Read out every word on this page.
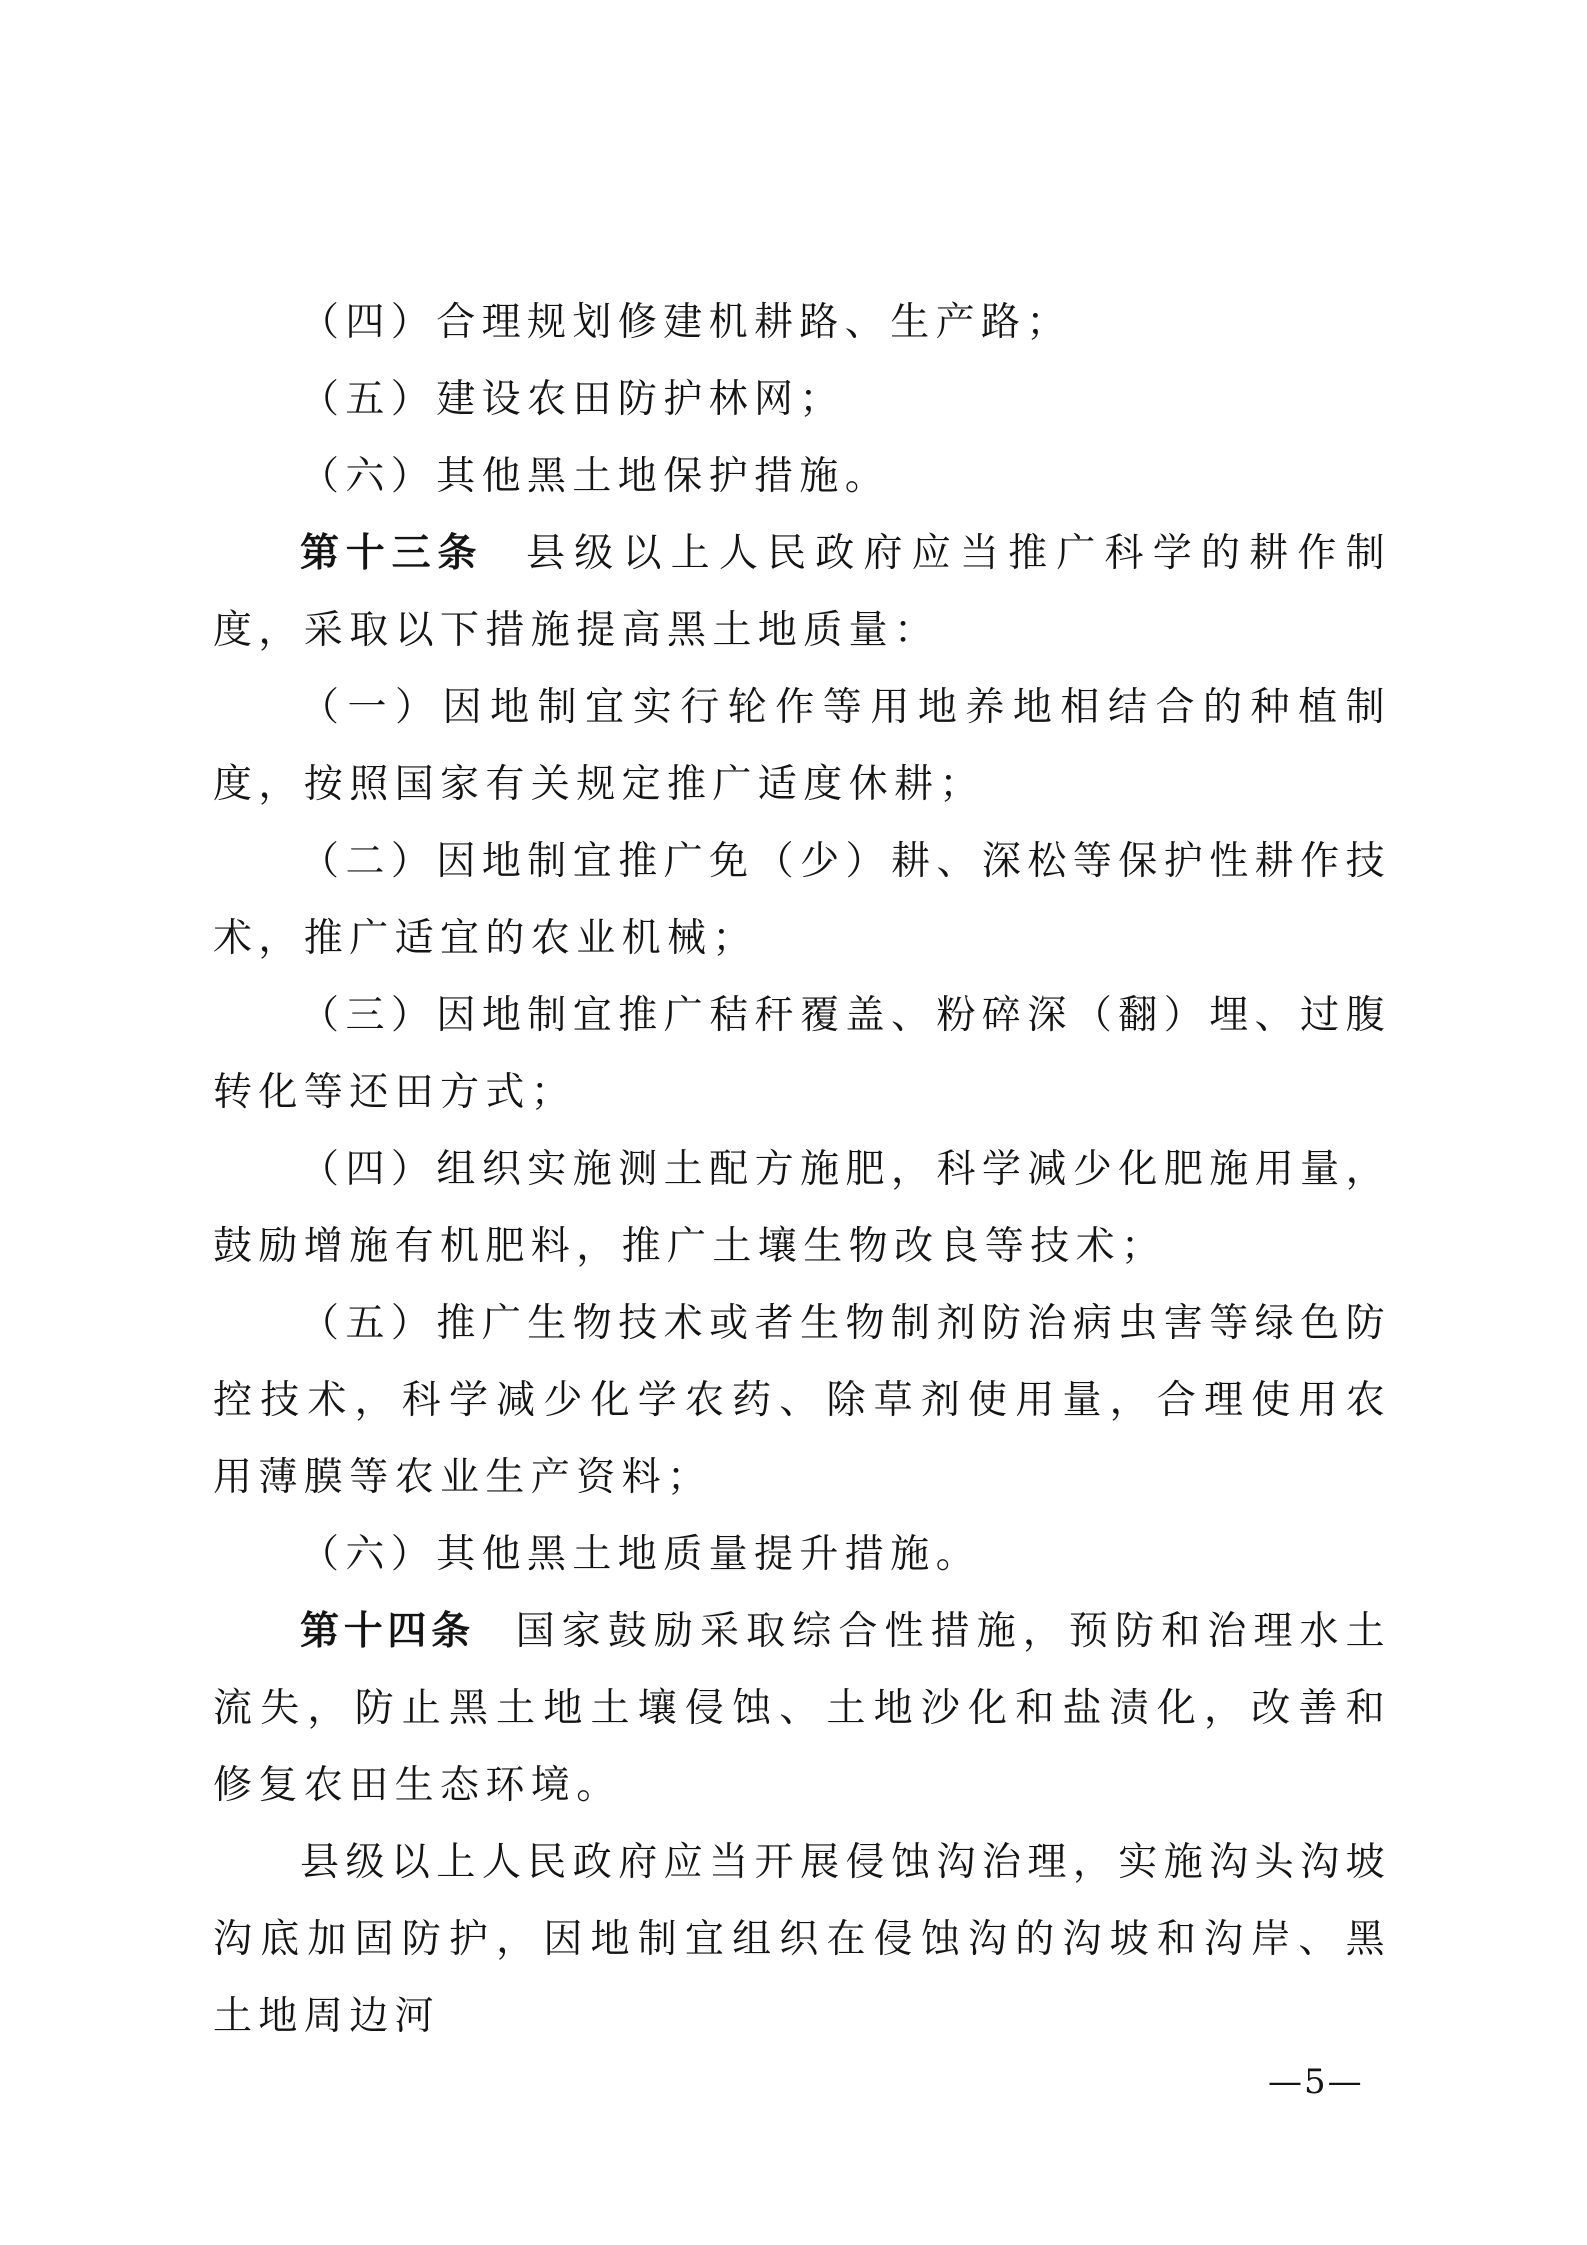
（四）合理规划修建机耕路、生产路；

（五）建设农田防护林网；

（六）其他黑土地保护措施。

第十三条 县级以上人民政府应当推广科学的耕作制度，采取以下措施提高黑土地质量：

（一）因地制宜实行轮作等用地养地相结合的种植制度，按照国家有关规定推广适度休耕；

（二）因地制宜推广免（少）耕、深松等保护性耕作技术，推广适宜的农业机械；

（三）因地制宜推广秸秆覆盖、粉碎深（翻）埋、过腹转化等还田方式；

（四）组织实施测土配方施肥，科学减少化肥施用量，鼓励增施有机肥料，推广土壤生物改良等技术；

（五）推广生物技术或者生物制剂防治病虫害等绿色防控技术，科学减少化学农药、除草剂使用量，合理使用农用薄膜等农业生产资料；

（六）其他黑土地质量提升措施。

第十四条 国家鼓励采取综合性措施，预防和治理水土流失，防止黑土地土壤侵蚀、土地沙化和盐渍化，改善和修复农田生态环境。

县级以上人民政府应当开展侵蚀沟治理，实施沟头沟坡沟底加固防护，因地制宜组织在侵蚀沟的沟坡和沟岸、黑土地周边河

—5—
